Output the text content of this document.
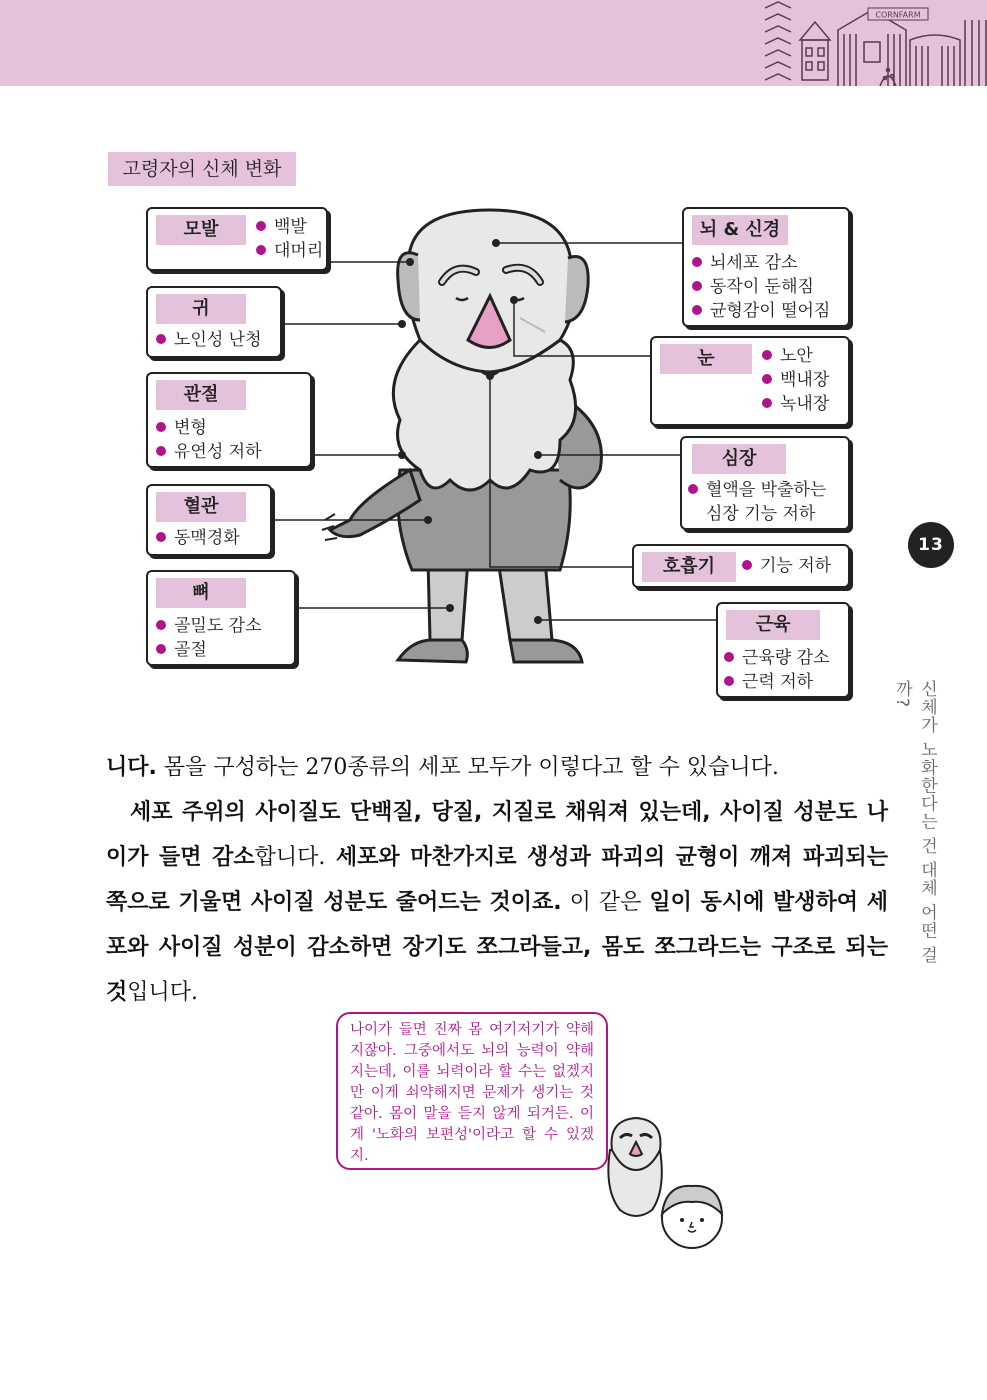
CORNFARM
13
신체가 노화한다는 건 대체 어떤 걸까?
고령자의 신체 변화
모발	백발
대머리
귀
노인성 난청
관절
변형
유연성 저하
혈관
동맥경화
뼈
골밀도 감소
골절
뇌 & 신경
뇌세포 감소
동작이 둔해짐
균형감이 떨어짐
눈	노안
백내장
녹내장
심장
혈액을 박출하는
심장 기능 저하
호흡기	기능 저하
근육
근육량 감소
근력 저하

니다. 몸을 구성하는 270종류의 세포 모두가 이렇다고 할 수 있습니다.

세포 주위의 사이질도 단백질, 당질, 지질로 채워져 있는데, 사이질 성분도 나이가 들면 감소합니다. 세포와 마찬가지로 생성과 파괴의 균형이 깨져 파괴되는 쪽으로 기울면 사이질 성분도 줄어드는 것이죠. 이 같은 일이 동시에 발생하여 세포와 사이질 성분이 감소하면 장기도 쪼그라들고, 몸도 쪼그라드는 구조로 되는 것입니다.

나이가 들면 진짜 몸 여기저기가 약해지잖아. 그중에서도 뇌의 능력이 약해지는데, 이를 뇌력이라 할 수는 없겠지만 이게 쇠약해지면 문제가 생기는 것 같아. 몸이 말을 듣지 않게 되거든. 이게 '노화의 보편성'이라고 할 수 있겠지.
